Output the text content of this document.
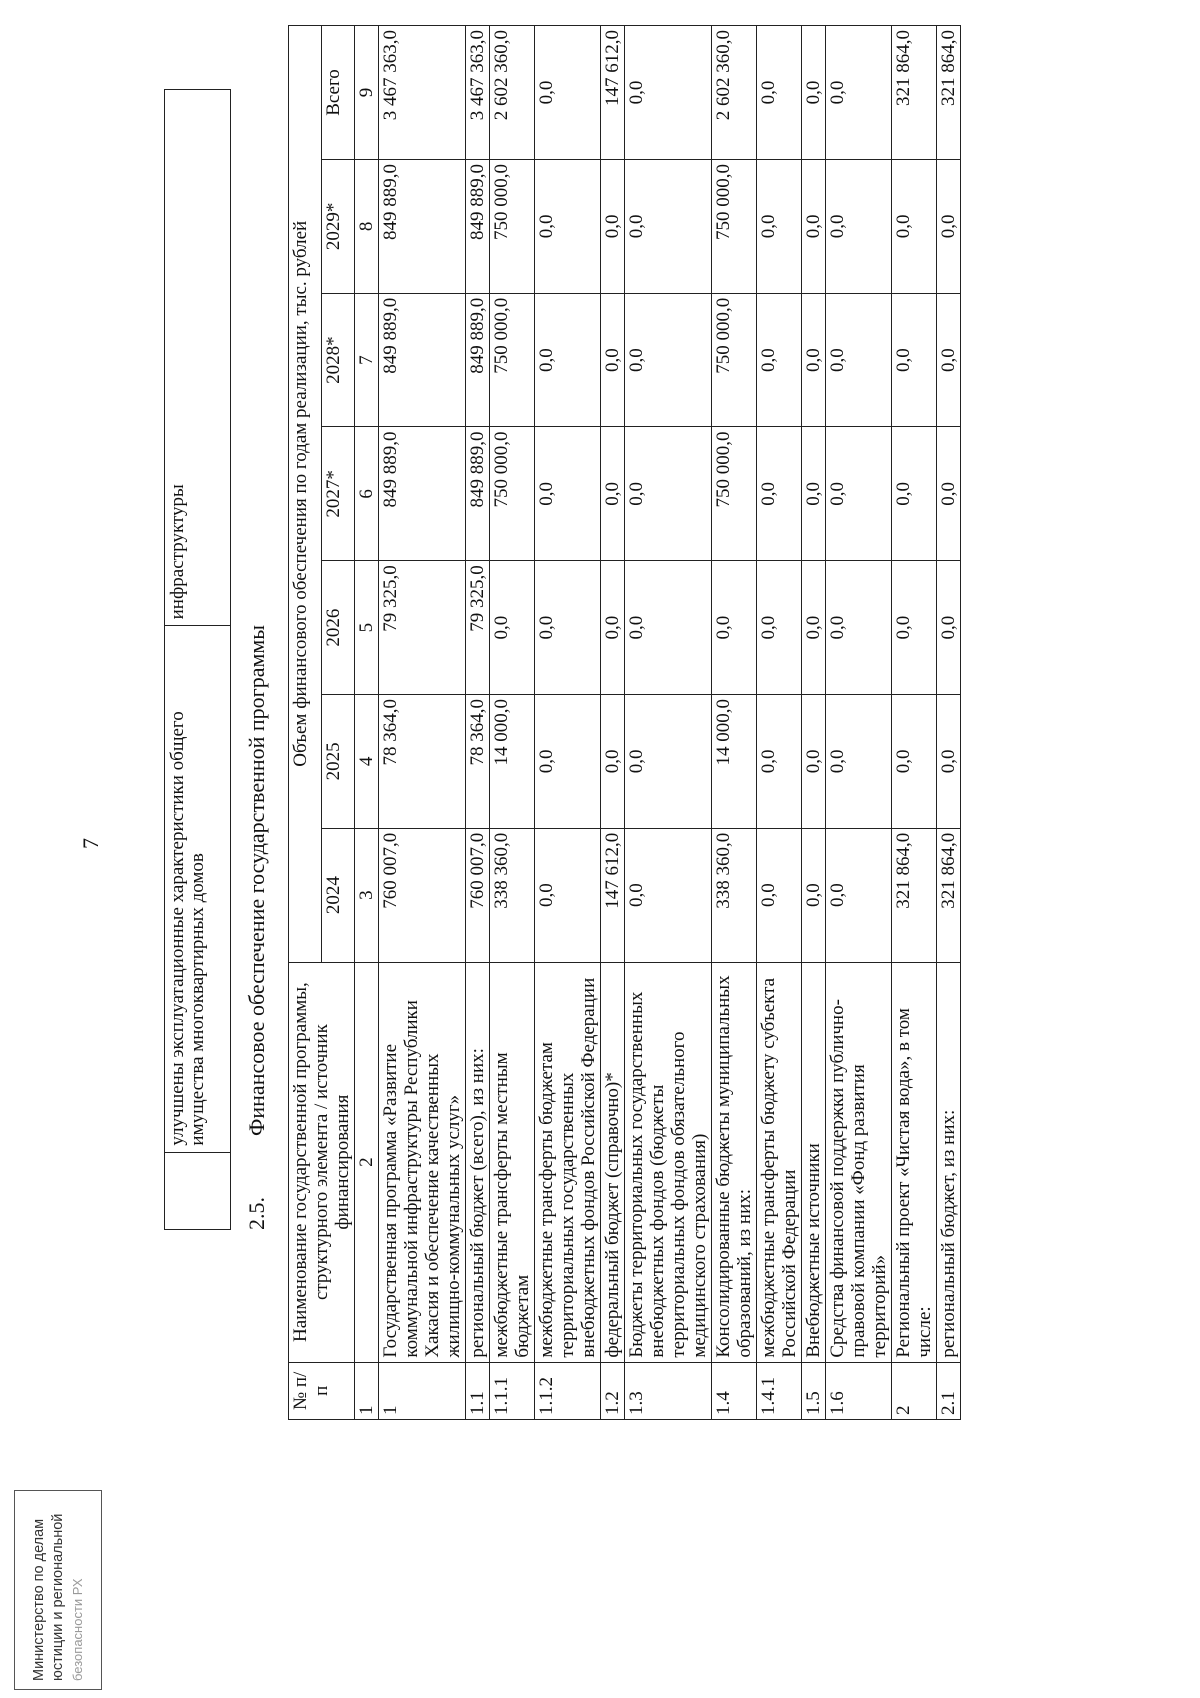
7
Министерство по делам юстиции и региональной безопасности РХ
	улучшены эксплуатационные характеристики общего имущества многоквартирных домов	инфраструктуры
2.5.Финансовое обеспечение государственной программы
№ п/п	Наименование государственной программы, структурного элемента / источник финансирования	Объем финансового обеспечения по годам реализации, тыс. рублей						
		2024	2025	2026	2027*	2028*	2029*	Всего
1	2	3	4	5	6	7	8	9
1	Государственная программа «Развитие коммунальной инфраструктуры Республики Хакасия и обеспечение качественных жилищно-коммунальных услуг»	760 007,0	78 364,0	79 325,0	849 889,0	849 889,0	849 889,0	3 467 363,0
1.1	региональный бюджет (всего), из них:	760 007,0	78 364,0	79 325,0	849 889,0	849 889,0	849 889,0	3 467 363,0
1.1.1	межбюджетные трансферты местным бюджетам	338 360,0	14 000,0	0,0	750 000,0	750 000,0	750 000,0	2 602 360,0
1.1.2	межбюджетные трансферты бюджетам территориальных государственных внебюджетных фондов Российской Федерации	0,0	0,0	0,0	0,0	0,0	0,0	0,0
1.2	федеральный бюджет (справочно)*	147 612,0	0,0	0,0	0,0	0,0	0,0	147 612,0
1.3	Бюджеты территориальных государственных внебюджетных фондов (бюджеты территориальных фондов обязательного медицинского страхования)	0,0	0,0	0,0	0,0	0,0	0,0	0,0
1.4	Консолидированные бюджеты муниципальных образований, из них:	338 360,0	14 000,0	0,0	750 000,0	750 000,0	750 000,0	2 602 360,0
1.4.1	межбюджетные трансферты бюджету субъекта Российской Федерации	0,0	0,0	0,0	0,0	0,0	0,0	0,0
1.5	Внебюджетные источники	0,0	0,0	0,0	0,0	0,0	0,0	0,0
1.6	Средства финансовой поддержки публично-правовой компании «Фонд развития территорий»	0,0	0,0	0,0	0,0	0,0	0,0	0,0
2	Региональный проект «Чистая вода», в том числе:	321 864,0	0,0	0,0	0,0	0,0	0,0	321 864,0
2.1	региональный бюджет, из них:	321 864,0	0,0	0,0	0,0	0,0	0,0	321 864,0
